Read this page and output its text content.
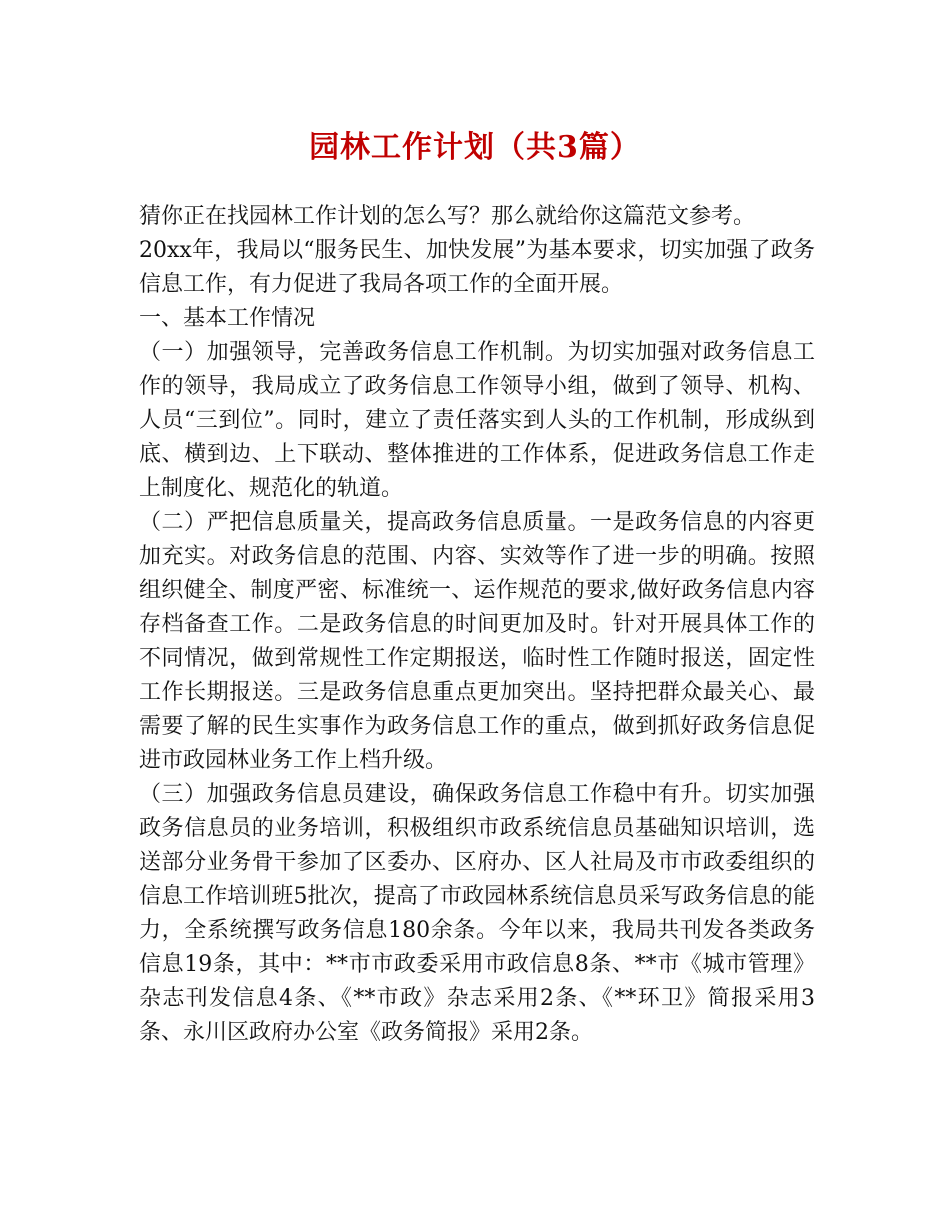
园林工作计划（共3篇）

猜你正在找园林工作计划的怎么写？那么就给你这篇范文参考。

20xx年，我局以“服务民生、加快发展”为基本要求，切实加强了政务信息工作，有力促进了我局各项工作的全面开展。

一、基本工作情况

（一）加强领导，完善政务信息工作机制。为切实加强对政务信息工作的领导，我局成立了政务信息工作领导小组，做到了领导、机构、人员“三到位”。同时，建立了责任落实到人头的工作机制，形成纵到底、横到边、上下联动、整体推进的工作体系，促进政务信息工作走上制度化、规范化的轨道。

（二）严把信息质量关，提高政务信息质量。一是政务信息的内容更加充实。对政务信息的范围、内容、实效等作了进一步的明确。按照组织健全、制度严密、标准统一、运作规范的要求,做好政务信息内容存档备查工作。二是政务信息的时间更加及时。针对开展具体工作的不同情况，做到常规性工作定期报送，临时性工作随时报送，固定性工作长期报送。三是政务信息重点更加突出。坚持把群众最关心、最需要了解的民生实事作为政务信息工作的重点，做到抓好政务信息促进市政园林业务工作上档升级。

（三）加强政务信息员建设，确保政务信息工作稳中有升。切实加强政务信息员的业务培训，积极组织市政系统信息员基础知识培训，选送部分业务骨干参加了区委办、区府办、区人社局及市市政委组织的信息工作培训班5批次，提高了市政园林系统信息员采写政务信息的能力，全系统撰写政务信息180余条。今年以来，我局共刊发各类政务信息19条，其中：**市市政委采用市政信息8条、**市《城市管理》杂志刊发信息4条、《**市政》杂志采用2条、《**环卫》简报采用3条、永川区政府办公室《政务简报》采用2条。
